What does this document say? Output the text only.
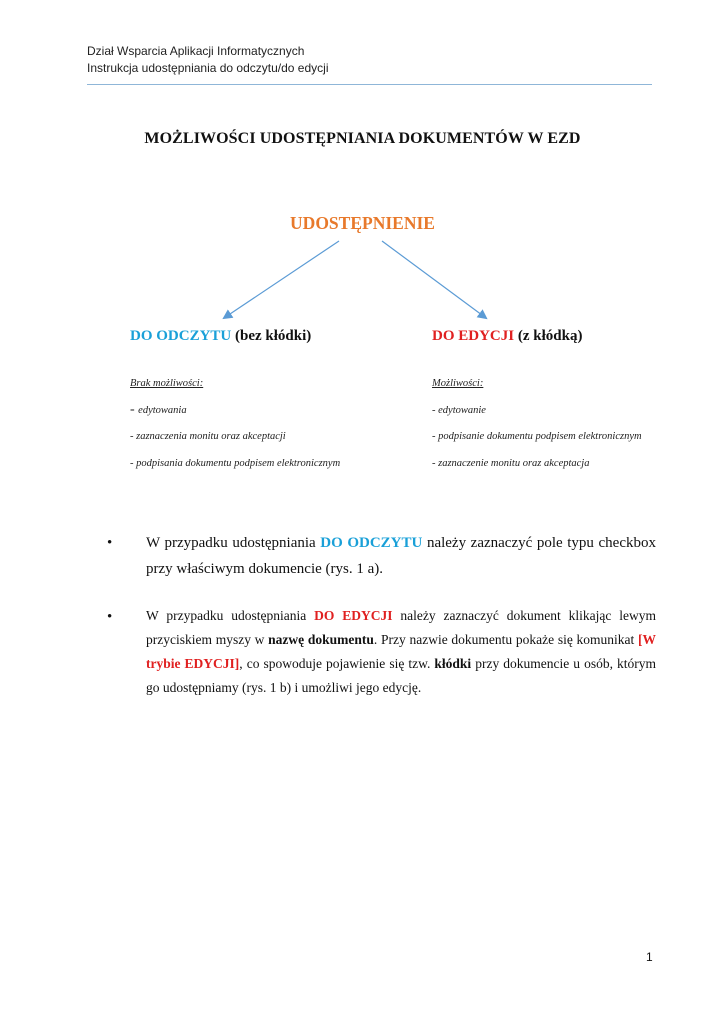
Dział Wsparcia Aplikacji Informatycznych
Instrukcja udostępniania do odczytu/do edycji
MOŻLIWOŚCI UDOSTĘPNIANIA DOKUMENTÓW W EZD
UDOSTĘPNIENIE
DO ODCZYTU (bez kłódki)
Brak możliwości:
- edytowania
- zaznaczenia monitu oraz akceptacji
- podpisania dokumentu podpisem elektronicznym
DO EDYCJI (z kłódką)
Możliwości:
- edytowanie
- podpisanie dokumentu podpisem elektronicznym
- zaznaczenie monitu oraz akceptacja
• W przypadku udostępniania DO ODCZYTU należy zaznaczyć pole typu checkbox przy właściwym dokumencie (rys. 1 a).
• W przypadku udostępniania DO EDYCJI należy zaznaczyć dokument klikając lewym przyciskiem myszy w nazwę dokumentu. Przy nazwie dokumentu pokaże się komunikat [W trybie EDYCJI], co spowoduje pojawienie się tzw. kłódki przy dokumencie u osób, którym go udostępniamy (rys. 1 b) i umożliwi jego edycję.
1
